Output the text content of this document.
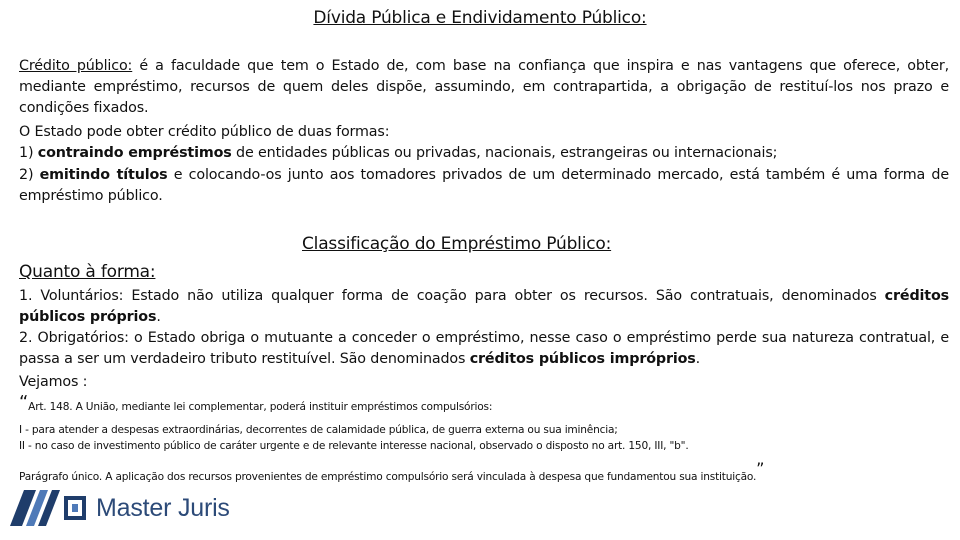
Dívida Pública e Endividamento Público:
Crédito público: é a faculdade que tem o Estado de, com base na confiança que inspira e nas vantagens que oferece, obter, mediante empréstimo, recursos de quem deles dispõe, assumindo, em contrapartida, a obrigação de restituí-los nos prazo e condições fixados.
O Estado pode obter crédito público de duas formas:
1) contraindo empréstimos de entidades públicas ou privadas, nacionais, estrangeiras ou internacionais;
2) emitindo títulos e colocando-os junto aos tomadores privados de um determinado mercado, está também é uma forma de empréstimo público.
Classificação do Empréstimo Público:
Quanto à forma:
1. Voluntários: Estado não utiliza qualquer forma de coação para obter os recursos. São contratuais, denominados créditos públicos próprios.
2. Obrigatórios: o Estado obriga o mutuante a conceder o empréstimo, nesse caso o empréstimo perde sua natureza contratual, e passa a ser um verdadeiro tributo restituível. São denominados créditos públicos impróprios.
Vejamos :
“Art. 148. A União, mediante lei complementar, poderá instituir empréstimos compulsórios:
I - para atender a despesas extraordinárias, decorrentes de calamidade pública, de guerra externa ou sua iminência;
II - no caso de investimento público de caráter urgente e de relevante interesse nacional, observado o disposto no art. 150, III, "b".
Parágrafo único. A aplicação dos recursos provenientes de empréstimo compulsório será vinculada à despesa que fundamentou sua instituição.”
Master Juris
